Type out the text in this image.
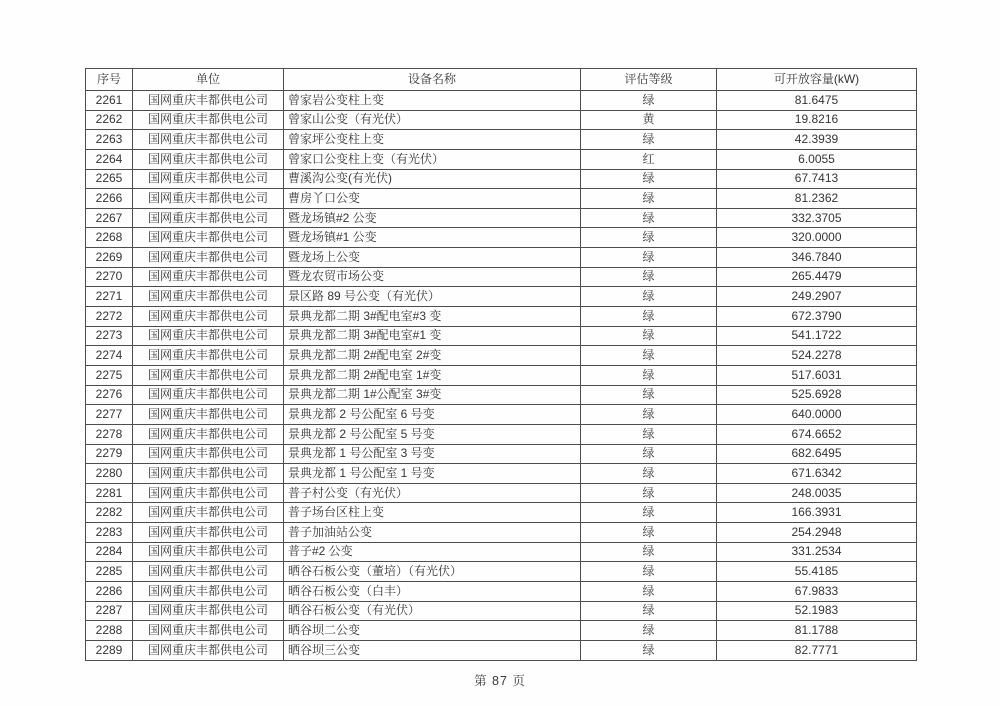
序号	单位	设备名称	评估等级	可开放容量(kW)
2261	国网重庆丰都供电公司	曾家岩公变柱上变	绿	81.6475
2262	国网重庆丰都供电公司	曾家山公变（有光伏）	黄	19.8216
2263	国网重庆丰都供电公司	曾家坪公变柱上变	绿	42.3939
2264	国网重庆丰都供电公司	曾家口公变柱上变（有光伏）	红	6.0055
2265	国网重庆丰都供电公司	曹溪沟公变(有光伏)	绿	67.7413
2266	国网重庆丰都供电公司	曹房丫口公变	绿	81.2362
2267	国网重庆丰都供电公司	暨龙场镇#2 公变	绿	332.3705
2268	国网重庆丰都供电公司	暨龙场镇#1 公变	绿	320.0000
2269	国网重庆丰都供电公司	暨龙场上公变	绿	346.7840
2270	国网重庆丰都供电公司	暨龙农贸市场公变	绿	265.4479
2271	国网重庆丰都供电公司	景区路 89 号公变（有光伏）	绿	249.2907
2272	国网重庆丰都供电公司	景典龙都二期 3#配电室#3 变	绿	672.3790
2273	国网重庆丰都供电公司	景典龙都二期 3#配电室#1 变	绿	541.1722
2274	国网重庆丰都供电公司	景典龙都二期 2#配电室 2#变	绿	524.2278
2275	国网重庆丰都供电公司	景典龙都二期 2#配电室 1#变	绿	517.6031
2276	国网重庆丰都供电公司	景典龙都二期 1#公配室 3#变	绿	525.6928
2277	国网重庆丰都供电公司	景典龙都 2 号公配室 6 号变	绿	640.0000
2278	国网重庆丰都供电公司	景典龙都 2 号公配室 5 号变	绿	674.6652
2279	国网重庆丰都供电公司	景典龙都 1 号公配室 3 号变	绿	682.6495
2280	国网重庆丰都供电公司	景典龙都 1 号公配室 1 号变	绿	671.6342
2281	国网重庆丰都供电公司	普子村公变（有光伏）	绿	248.0035
2282	国网重庆丰都供电公司	普子场台区柱上变	绿	166.3931
2283	国网重庆丰都供电公司	普子加油站公变	绿	254.2948
2284	国网重庆丰都供电公司	普子#2 公变	绿	331.2534
2285	国网重庆丰都供电公司	晒谷石板公变（董培）（有光伏）	绿	55.4185
2286	国网重庆丰都供电公司	晒谷石板公变（白丰）	绿	67.9833
2287	国网重庆丰都供电公司	晒谷石板公变（有光伏）	绿	52.1983
2288	国网重庆丰都供电公司	晒谷坝二公变	绿	81.1788
2289	国网重庆丰都供电公司	晒谷坝三公变	绿	82.7771
第 87 页
